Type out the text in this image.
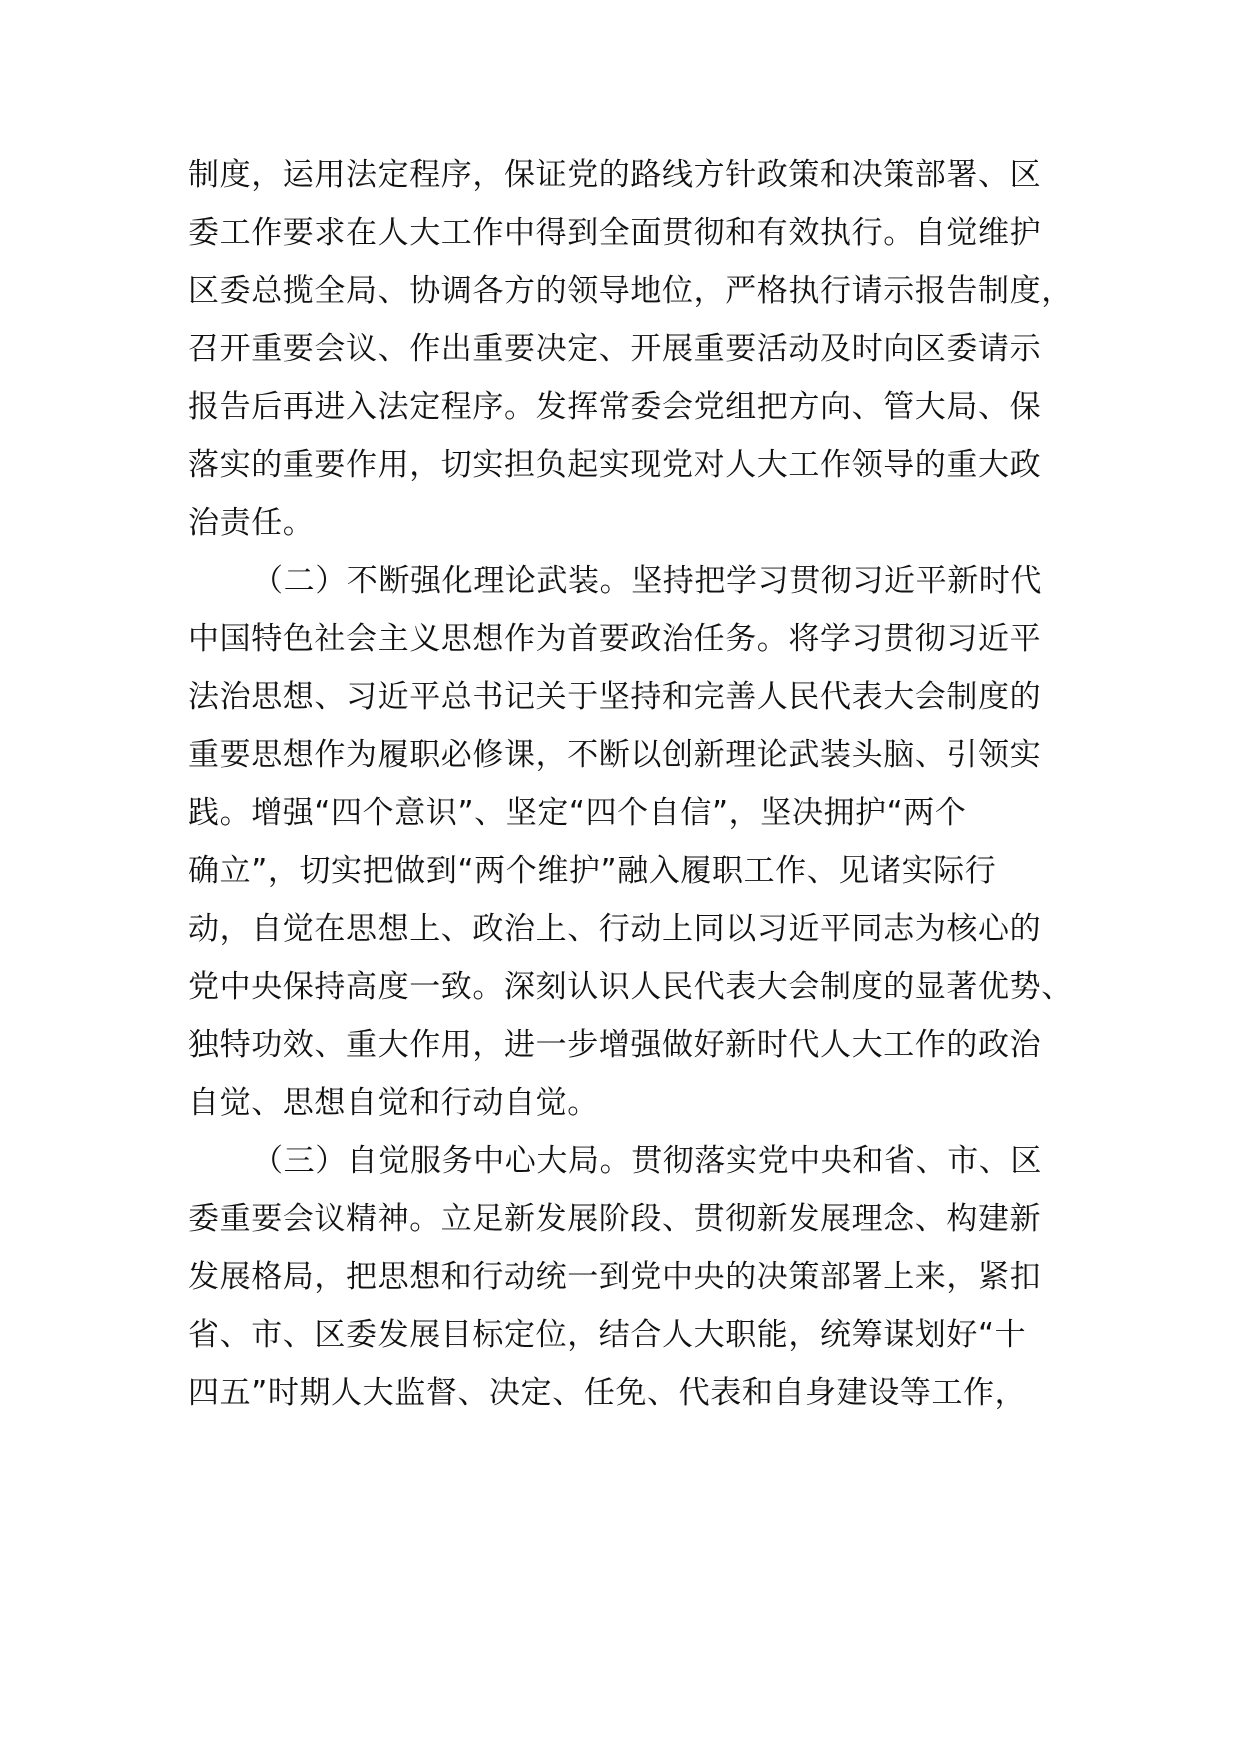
制度，运用法定程序，保证党的路线方针政策和决策部署、区
委工作要求在人大工作中得到全面贯彻和有效执行。自觉维护
区委总揽全局、协调各方的领导地位，严格执行请示报告制度，
召开重要会议、作出重要决定、开展重要活动及时向区委请示
报告后再进入法定程序。发挥常委会党组把方向、管大局、保
落实的重要作用，切实担负起实现党对人大工作领导的重大政
治责任。
（二）不断强化理论武装。坚持把学习贯彻习近平新时代
中国特色社会主义思想作为首要政治任务。将学习贯彻习近平
法治思想、习近平总书记关于坚持和完善人民代表大会制度的
重要思想作为履职必修课，不断以创新理论武装头脑、引领实
践。增强“四个意识”、坚定“四个自信”，坚决拥护“两个
确立”，切实把做到“两个维护”融入履职工作、见诸实际行
动，自觉在思想上、政治上、行动上同以习近平同志为核心的
党中央保持高度一致。深刻认识人民代表大会制度的显著优势、
独特功效、重大作用，进一步增强做好新时代人大工作的政治
自觉、思想自觉和行动自觉。
（三）自觉服务中心大局。贯彻落实党中央和省、市、区
委重要会议精神。立足新发展阶段、贯彻新发展理念、构建新
发展格局，把思想和行动统一到党中央的决策部署上来，紧扣
省、市、区委发展目标定位，结合人大职能，统筹谋划好“十
四五”时期人大监督、决定、任免、代表和自身建设等工作，
